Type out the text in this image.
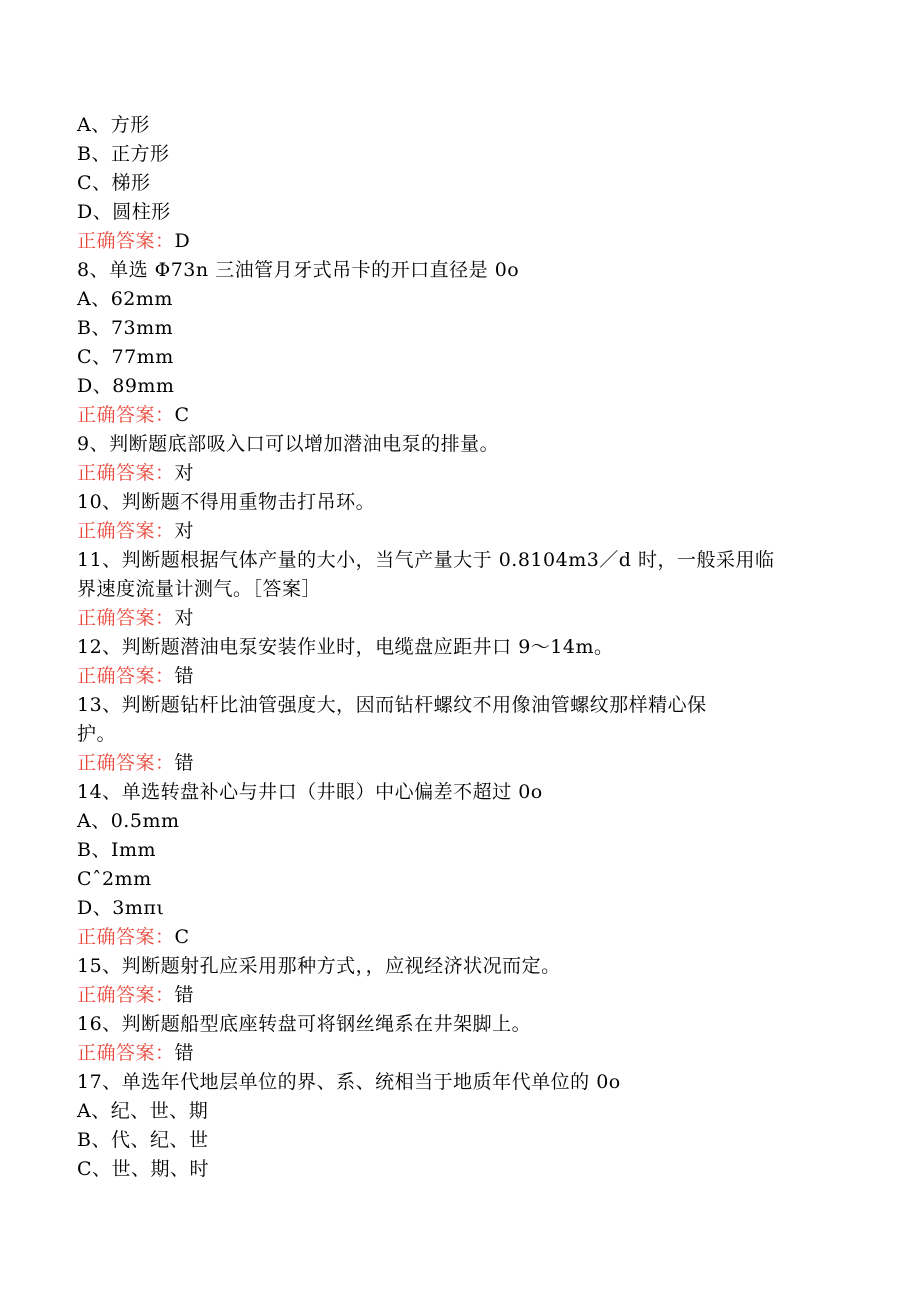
A、方形
B、正方形
C、梯形
D、圆柱形
正确答案：D
8、单选 Φ73n 三油管月牙式吊卡的开口直径是 0o
A、62mm
B、73mm
C、77mm
D、89mm
正确答案：C
9、判断题底部吸入口可以增加潜油电泵的排量。
正确答案：对
10、判断题不得用重物击打吊环。
正确答案：对
11、判断题根据气体产量的大小，当气产量大于 0.8104m3／d 时，一般采用临
界速度流量计测气。［答案］
正确答案：对
12、判断题潜油电泵安装作业时，电缆盘应距井口 9～14m。
正确答案：错
13、判断题钻杆比油管强度大，因而钻杆螺纹不用像油管螺纹那样精心保
护。
正确答案：错
14、单选转盘补心与井口（井眼）中心偏差不超过 0o
A、0.5mm
B、Imm
Cˆ2mm
D、3mπι
正确答案：C
15、判断题射孔应采用那种方式，，应视经济状况而定。
正确答案：错
16、判断题船型底座转盘可将钢丝绳系在井架脚上。
正确答案：错
17、单选年代地层单位的界、系、统相当于地质年代单位的 0o
A、纪、世、期
B、代、纪、世
C、世、期、时
